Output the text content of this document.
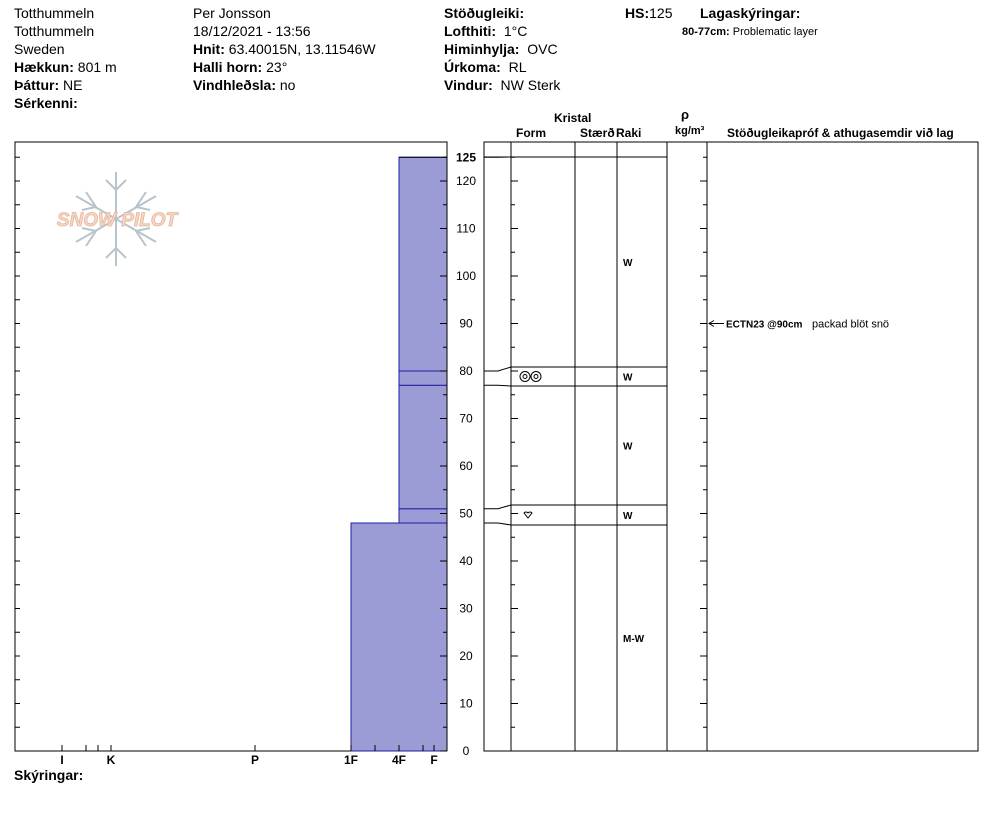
Totthummeln
Totthummeln
Sweden
Hækkun: 801 m
Þáttur: NE
Sérkenni:
Per Jonsson
18/12/2021 - 13:56
Hnit: 63.40015N, 13.11546W
Halli horn: 23°
Vindhleðsla: no
Stöðugleiki:
Lofthiti: 1°C
Himinhylja: OVC
Úrkoma: RL
Vindur: NW Sterk
HS:125 Lagaskýringar:
80-77cm: Problematic layer
Kristal
Form	Stærð Raki
ρ
kg/m³ Stöðugleikapróf & athugasemdir við lag
Skýringar:
SNOW PILOT
I	K	P	1F	4F F
0
10
20
30
40
50
60
70
80
90
100
110
120
125
M-W
W
W
W
W
ECTN23 @90cm packad blöt snö
